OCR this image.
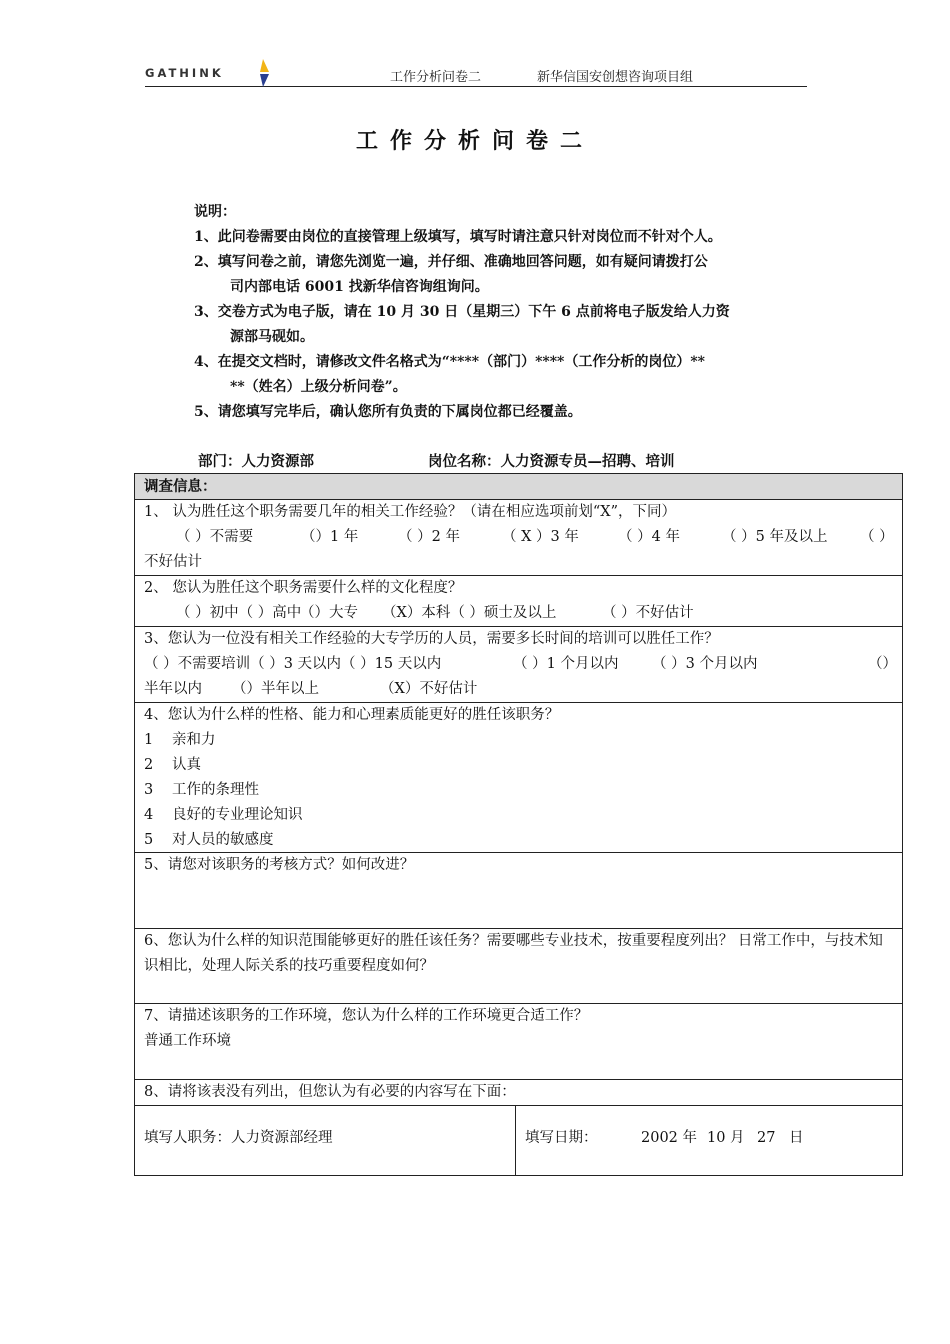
GATHINK	工作分析问卷二	新华信国安创想咨询项目组
工作分析问卷二
说明：
1、此问卷需要由岗位的直接管理上级填写，填写时请注意只针对岗位而不针对个人。
2、填写问卷之前，请您先浏览一遍，并仔细、准确地回答问题，如有疑问请拨打公
司内部电话 6001 找新华信咨询组询问。
3、交卷方式为电子版，请在 10 月 30 日（星期三）下午 6 点前将电子版发给人力资
源部马砚如。
4、在提交文档时，请修改文件名格式为“****（部门）****（工作分析的岗位）**
**（姓名）上级分析问卷”。
5、请您填写完毕后，确认您所有负责的下属岗位都已经覆盖。
部门：人力资源部	岗位名称：人力资源专员—招聘、培训
调查信息：
1、 认为胜任这个职务需要几年的相关工作经验？（请在相应选项前划“X”，下同）
（ ）不需要	（）1 年	（ ）2 年	（ X ）3 年	（ ）4 年	（ ）5 年及以上 （ ）
不好估计
2、 您认为胜任这个职务需要什么样的文化程度？
（ ）初中（ ）高中（）大专 （X）本科（ ）硕士及以上	（ ）不好估计
3、您认为一位没有相关工作经验的大专学历的人员，需要多长时间的培训可以胜任工作？
（ ）不需要培训（ ）3 天以内（ ）15 天以内	（ ）1 个月以内 （ ）3 个月以内	（）
半年以内 （）半年以上	（X）不好估计
4、您认为什么样的性格、能力和心理素质能更好的胜任该职务？
1 亲和力
2 认真
3 工作的条理性
4 良好的专业理论知识
5 对人员的敏感度
5、请您对该职务的考核方式？如何改进？
6、您认为什么样的知识范围能够更好的胜任该任务？需要哪些专业技术，按重要程度列出？ 日常工作中，与技术知识相比，处理人际关系的技巧重要程度如何？
7、请描述该职务的工作环境，您认为什么样的工作环境更合适工作？
普通工作环境
8、请将该表没有列出，但您认为有必要的内容写在下面：
填写人职务：人力资源部经理	填写日期：	2002 年 10 月 27 日
